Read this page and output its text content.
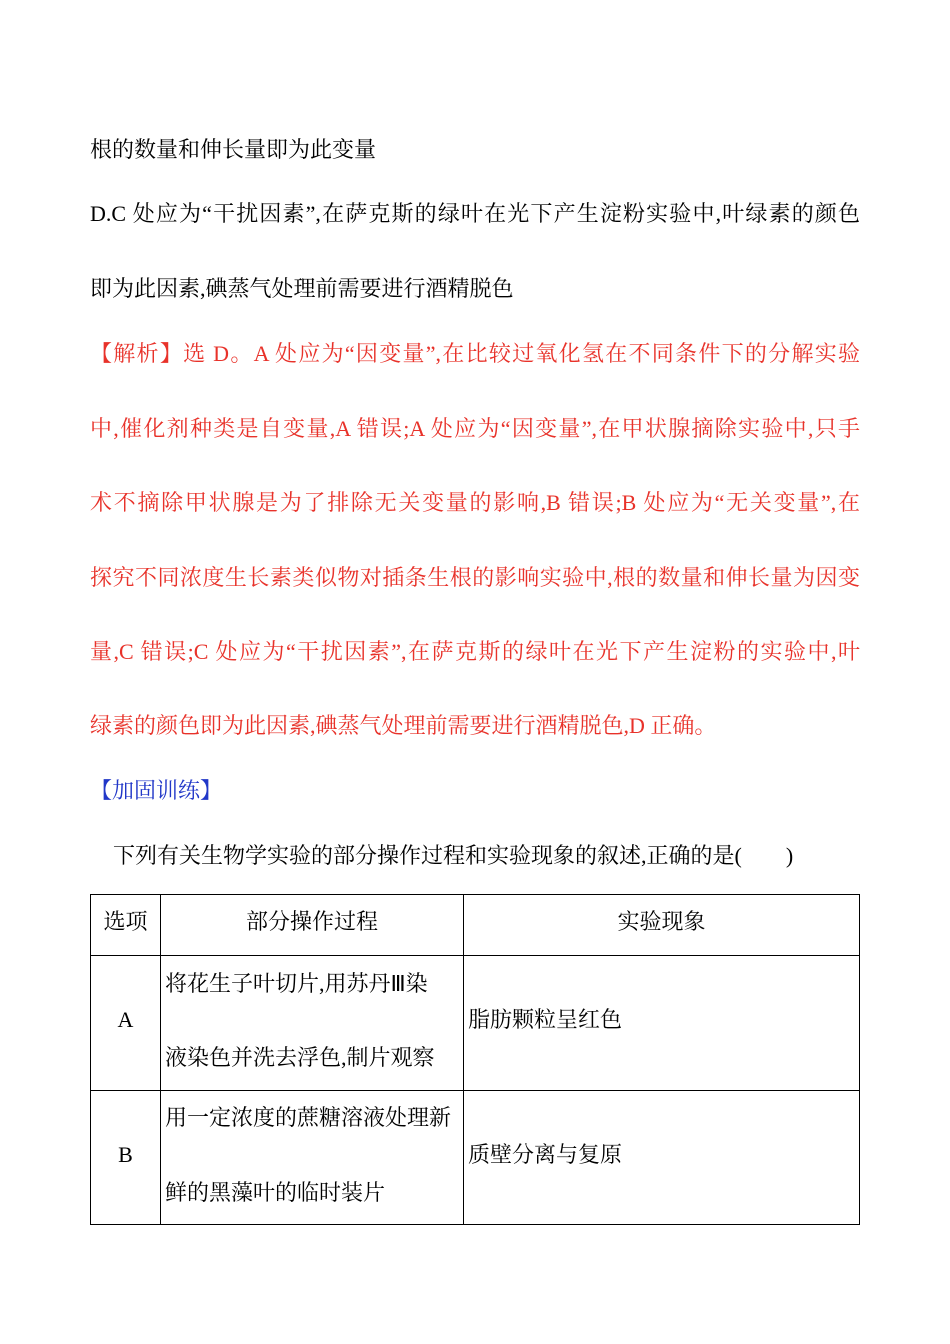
根的数量和伸长量即为此变量
D.C 处应为“干扰因素”,在萨克斯的绿叶在光下产生淀粉实验中,叶绿素的颜色
即为此因素,碘蒸气处理前需要进行酒精脱色
【解析】选 D。A 处应为“因变量”,在比较过氧化氢在不同条件下的分解实验
中,催化剂种类是自变量,A 错误;A 处应为“因变量”,在甲状腺摘除实验中,只手
术不摘除甲状腺是为了排除无关变量的影响,B 错误;B 处应为“无关变量”,在
探究不同浓度生长素类似物对插条生根的影响实验中,根的数量和伸长量为因变
量,C 错误;C 处应为“干扰因素”,在萨克斯的绿叶在光下产生淀粉的实验中,叶
绿素的颜色即为此因素,碘蒸气处理前需要进行酒精脱色,D 正确。
【加固训练】
下列有关生物学实验的部分操作过程和实验现象的叙述,正确的是(　　)
选项	部分操作过程	实验现象
A
将花生子叶切片,用苏丹Ⅲ染
液染色并洗去浮色,制片观察
脂肪颗粒呈红色
B
用一定浓度的蔗糖溶液处理新
鲜的黑藻叶的临时装片
质壁分离与复原
